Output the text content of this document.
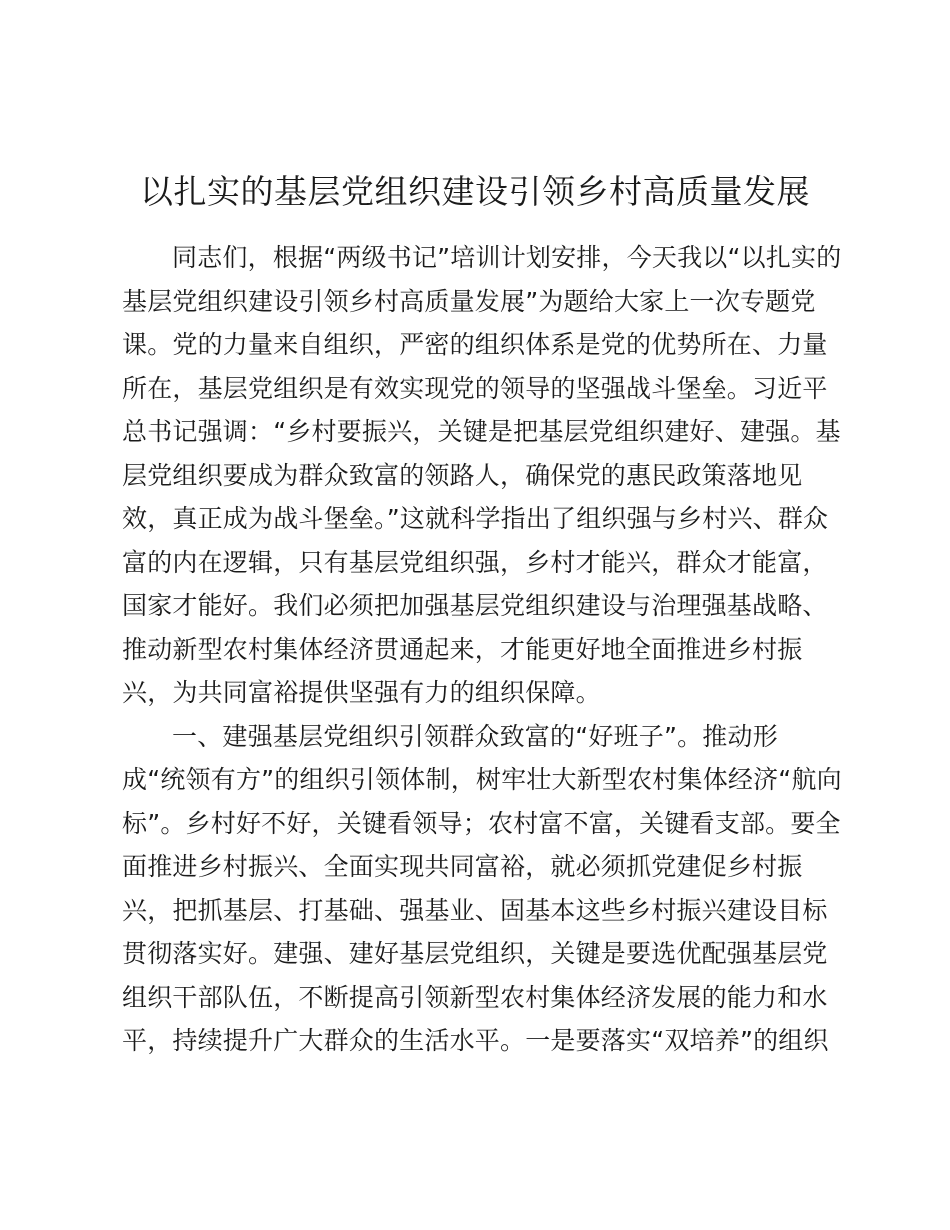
以扎实的基层党组织建设引领乡村高质量发展
同志们，根据“两级书记”培训计划安排，今天我以“以扎实的
基层党组织建设引领乡村高质量发展”为题给大家上一次专题党
课。党的力量来自组织，严密的组织体系是党的优势所在、力量
所在，基层党组织是有效实现党的领导的坚强战斗堡垒。习近平
总书记强调：“乡村要振兴，关键是把基层党组织建好、建强。基
层党组织要成为群众致富的领路人，确保党的惠民政策落地见
效，真正成为战斗堡垒。”这就科学指出了组织强与乡村兴、群众
富的内在逻辑，只有基层党组织强，乡村才能兴，群众才能富，
国家才能好。我们必须把加强基层党组织建设与治理强基战略、
推动新型农村集体经济贯通起来，才能更好地全面推进乡村振
兴，为共同富裕提供坚强有力的组织保障。
一、建强基层党组织引领群众致富的“好班子”。推动形
成“统领有方”的组织引领体制，树牢壮大新型农村集体经济“航向
标”。乡村好不好，关键看领导；农村富不富，关键看支部。要全
面推进乡村振兴、全面实现共同富裕，就必须抓党建促乡村振
兴，把抓基层、打基础、强基业、固基本这些乡村振兴建设目标
贯彻落实好。建强、建好基层党组织，关键是要选优配强基层党
组织干部队伍，不断提高引领新型农村集体经济发展的能力和水
平，持续提升广大群众的生活水平。一是要落实“双培养”的组织
